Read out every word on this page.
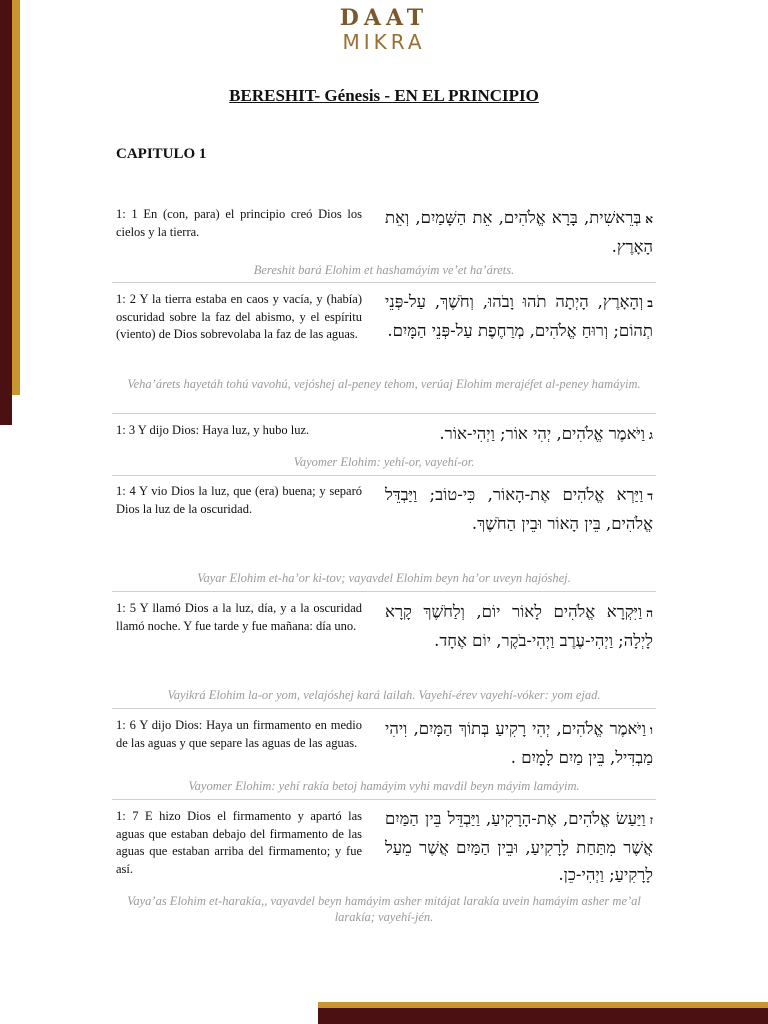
DAAT
MIKRA
BERESHIT- Génesis - EN EL PRINCIPIO
CAPITULO 1
1: 1 En (con, para) el principio creó Dios los cielos y la tierra.
אבְּרֵאשִׁית, בָּרָא אֱלֹהִים, אֵת הַשָּׁמַיִם, וְאֵת הָאָרֶץ.
Bereshit bará Elohim et hashamáyim ve’et ha’árets.
1: 2 Y la tierra estaba en caos y vacía, y (había) oscuridad sobre la faz del abismo, y el espíritu (viento) de Dios sobrevolaba la faz de las aguas.
בוְהָאָרֶץ, הָיְתָה תֹהוּ וָבֹהוּ, וְחֹשֶׁךְ, עַל-פְּנֵי תְהוֹם; וְרוּחַ אֱלֹהִים, מְרַחֶפֶת עַל-פְּנֵי הַמָּיִם.
Veha’árets hayetáh tohú vavohú, vejóshej al-peney tehom, verúaj Elohim merajéfet al-peney hamáyim.
1: 3 Y dijo Dios: Haya luz, y hubo luz.	גוַיֹּאמֶר אֱלֹהִים, יְהִי אוֹר; וַיְהִי-אוֹר.
Vayomer Elohim: yehí-or, vayehí-or.
1: 4 Y vio Dios la luz, que (era) buena; y separó Dios la luz de la oscuridad.
דוַיַּרְא אֱלֹהִים אֶת-הָאוֹר, כִּי-טוֹב; וַיַּבְדֵּל אֱלֹהִים, בֵּין הָאוֹר וּבֵין הַחֹשֶׁךְ.
Vayar Elohim et-ha’or ki-tov; vayavdel Elohim beyn ha’or uveyn hajóshej.
1: 5 Y llamó Dios a la luz, día, y a la oscuridad llamó noche. Y fue tarde y fue mañana: día uno.
הוַיִּקְרָא אֱלֹהִים לָאוֹר יוֹם, וְלַחֹשֶׁךְ קָרָא לָיְלָה; וַיְהִי-עֶרֶב וַיְהִי-בֹקֶר, יוֹם אֶחָד.
Vayikrá Elohim la-or yom, velajóshej kará lailah. Vayehí-érev vayehí-vóker: yom ejad.
1: 6 Y dijo Dios: Haya un firmamento en medio de las aguas y que separe las aguas de las aguas.
ווַיֹּאמֶר אֱלֹהִים, יְהִי רָקִיעַ בְּתוֹךְ הַמָּיִם, וִיהִי מַבְדִּיל, בֵּין מַיִם לָמָיִם .
Vayomer Elohim: yehí rakía betoj hamáyim vyhi mavdil beyn máyim lamáyim.
1: 7 E hizo Dios el firmamento y apartó las aguas que estaban debajo del firmamento de las aguas que estaban arriba del firmamento; y fue así.
זוַיַּעַשׂ אֱלֹהִים, אֶת-הָרָקִיעַ, וַיַּבְדֵּל בֵּין הַמַּיִם אֲשֶׁר מִתַּחַת לָרָקִיעַ, וּבֵין הַמַּיִם אֲשֶׁר מֵעַל לָרָקִיעַ; וַיְהִי-כֵן.
Vaya’as Elohim et-harakía,, vayavdel beyn hamáyim asher mitájat larakía uvein hamáyim asher me’al larakía; vayehí-jén.
